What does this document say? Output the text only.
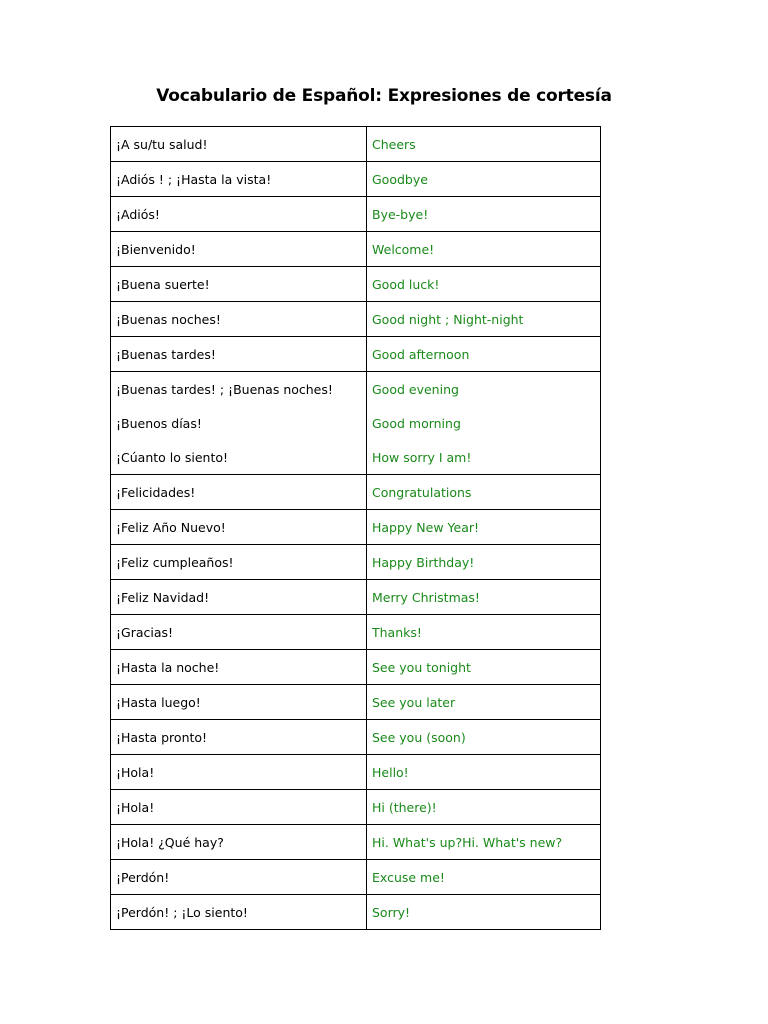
Vocabulario de Español: Expresiones de cortesía
¡A su/tu salud!	Cheers
¡Adiós ! ; ¡Hasta la vista!	Goodbye
¡Adiós!	Bye-bye!
¡Bienvenido!	Welcome!
¡Buena suerte!	Good luck!
¡Buenas noches!	Good night ; Night-night
¡Buenas tardes!	Good afternoon
¡Buenas tardes! ; ¡Buenas noches!	Good evening
¡Buenos días!	Good morning
¡Cúanto lo siento!	How sorry I am!
¡Felicidades!	Congratulations
¡Feliz Año Nuevo!	Happy New Year!
¡Feliz cumpleaños!	Happy Birthday!
¡Feliz Navidad!	Merry Christmas!
¡Gracias!	Thanks!
¡Hasta la noche!	See you tonight
¡Hasta luego!	See you later
¡Hasta pronto!	See you (soon)
¡Hola!	Hello!
¡Hola!	Hi (there)!
¡Hola! ¿Qué hay?	Hi. What's up?Hi. What's new?
¡Perdón!	Excuse me!
¡Perdón! ; ¡Lo siento!	Sorry!
